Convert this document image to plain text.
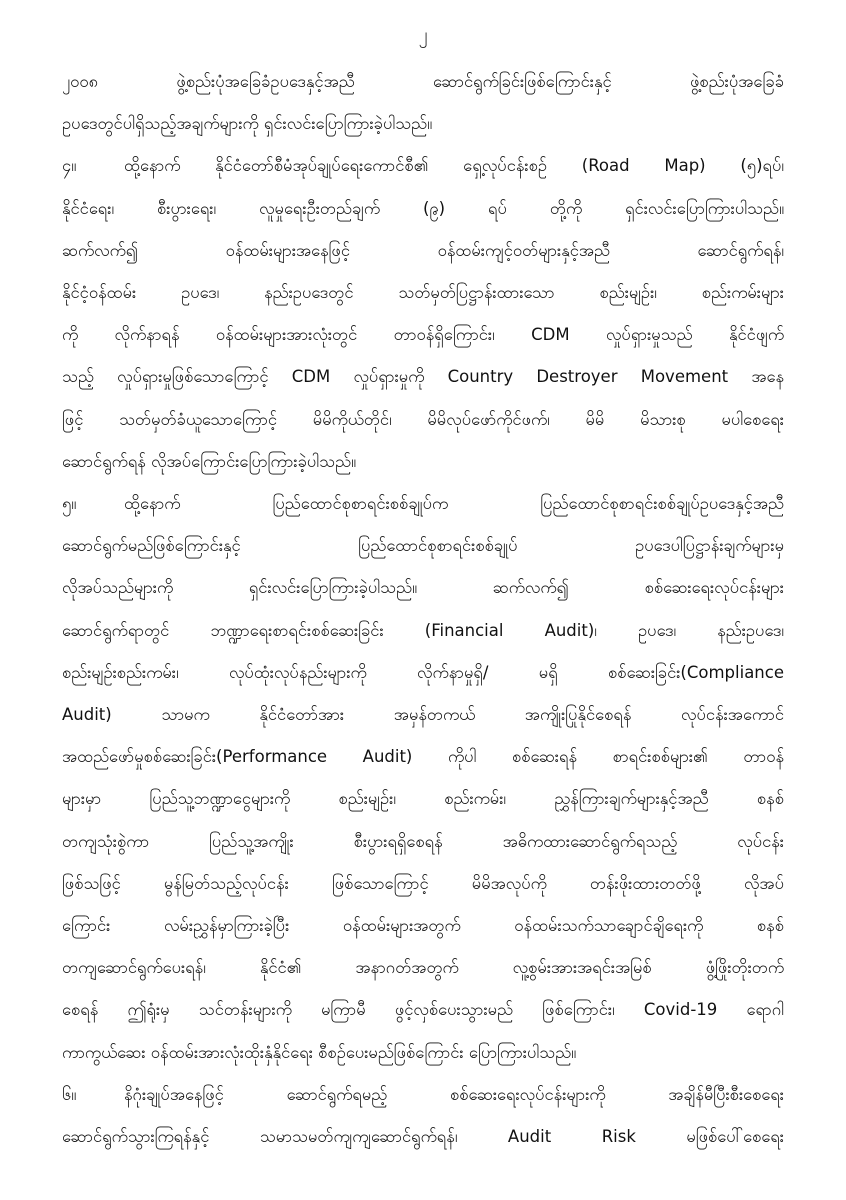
၂
၂၀၀၈ ဖွဲ့စည်းပုံအခြေခံဥပဒေနှင့်အညီ ဆောင်ရွက်ခြင်းဖြစ်ကြောင်းနှင့် ဖွဲ့စည်းပုံအခြေခံ
ဥပဒေတွင်ပါရှိသည့်အချက်များကို ရှင်းလင်းပြောကြားခဲ့ပါသည်။
၄။	ထို့နောက် နိုင်ငံတော်စီမံအုပ်ချုပ်ရေးကောင်စီ၏ ရှေ့လုပ်ငန်းစဉ် (Road Map) (၅)ရပ်၊
နိုင်ငံရေး၊ စီးပွားရေး၊ လူမှုရေးဦးတည်ချက် (၉) ရပ် တို့ကို ရှင်းလင်းပြောကြားပါသည်။
ဆက်လက်၍ ဝန်ထမ်းများအနေဖြင့် ဝန်ထမ်းကျင့်ဝတ်များနှင့်အညီ ဆောင်ရွက်ရန်၊
နိုင်ငံ့ဝန်ထမ်း ဥပဒေ၊ နည်းဥပဒေတွင် သတ်မှတ်ပြဋ္ဌာန်းထားသော စည်းမျဉ်း၊ စည်းကမ်းများ
ကို လိုက်နာရန် ဝန်ထမ်းများအားလုံးတွင် တာဝန်ရှိကြောင်း၊ CDM လှုပ်ရှားမှုသည် နိုင်ငံဖျက်
သည့် လှုပ်ရှားမှုဖြစ်သောကြောင့် CDM လှုပ်ရှားမှုကို Country Destroyer Movement အနေ
ဖြင့် သတ်မှတ်ခံယူသောကြောင့် မိမိကိုယ်တိုင်၊ မိမိလုပ်ဖော်ကိုင်ဖက်၊ မိမိ မိသားစု မပါစေရေး
ဆောင်ရွက်ရန် လိုအပ်ကြောင်းပြောကြားခဲ့ပါသည်။
၅။	ထို့နောက် ပြည်ထောင်စုစာရင်းစစ်ချုပ်က ပြည်ထောင်စုစာရင်းစစ်ချုပ်ဥပဒေနှင့်အညီ
ဆောင်ရွက်မည်ဖြစ်ကြောင်းနှင့် ပြည်ထောင်စုစာရင်းစစ်ချုပ် ဥပဒေပါပြဋ္ဌာန်းချက်များမှ
လိုအပ်သည်များကို ရှင်းလင်းပြောကြားခဲ့ပါသည်။ ဆက်လက်၍ စစ်ဆေးရေးလုပ်ငန်းများ
ဆောင်ရွက်ရာတွင် ဘဏ္ဍာရေးစာရင်းစစ်ဆေးခြင်း (Financial Audit)၊ ဥပဒေ၊ နည်းဥပဒေ၊
စည်းမျဉ်းစည်းကမ်း၊ လုပ်ထုံးလုပ်နည်းများကို လိုက်နာမှုရှိ/ မရှိ စစ်ဆေးခြင်း(Compliance
Audit) သာမက နိုင်ငံတော်အား အမှန်တကယ် အကျိုးပြုနိုင်စေရန် လုပ်ငန်းအကောင်
အထည်ဖော်မှုစစ်ဆေးခြင်း(Performance Audit) ကိုပါ စစ်ဆေးရန် စာရင်းစစ်များ၏ တာဝန်
များမှာ ပြည်သူ့ဘဏ္ဍာငွေများကို စည်းမျဉ်း၊ စည်းကမ်း၊ ညွှန်ကြားချက်များနှင့်အညီ စနစ်
တကျသုံးစွဲကာ ပြည်သူ့အကျိုး စီးပွားရရှိစေရန် အဓိကထားဆောင်ရွက်ရသည့် လုပ်ငန်း
ဖြစ်သဖြင့် မွန်မြတ်သည့်လုပ်ငန်း ဖြစ်သောကြောင့် မိမိအလုပ်ကို တန်းဖိုးထားတတ်ဖို့ လိုအပ်
ကြောင်း လမ်းညွှန်မှာကြားခဲ့ပြီး ဝန်ထမ်းများအတွက် ဝန်ထမ်းသက်သာချောင်ချိရေးကို စနစ်
တကျဆောင်ရွက်ပေးရန်၊ နိုင်ငံ၏ အနာဂတ်အတွက် လူ့စွမ်းအားအရင်းအမြစ် ဖွံ့ဖြိုးတိုးတက်
စေရန် ဤရုံးမှ သင်တန်းများကို မကြာမီ ဖွင့်လှစ်ပေးသွားမည် ဖြစ်ကြောင်း၊ Covid-19 ရောဂါ
ကာကွယ်ဆေး ဝန်ထမ်းအားလုံးထိုးနှံနိုင်ရေး စီစဉ်ပေးမည်ဖြစ်ကြောင်း ပြောကြားပါသည်။
၆။	နိဂုံးချုပ်အနေဖြင့် ဆောင်ရွက်ရမည့် စစ်ဆေးရေးလုပ်ငန်းများကို အချိန်မီပြီးစီးစေရေး
ဆောင်ရွက်သွားကြရန်နှင့် သမာသမတ်ကျကျဆောင်ရွက်ရန်၊ Audit Risk မဖြစ်ပေါ်စေရေး
